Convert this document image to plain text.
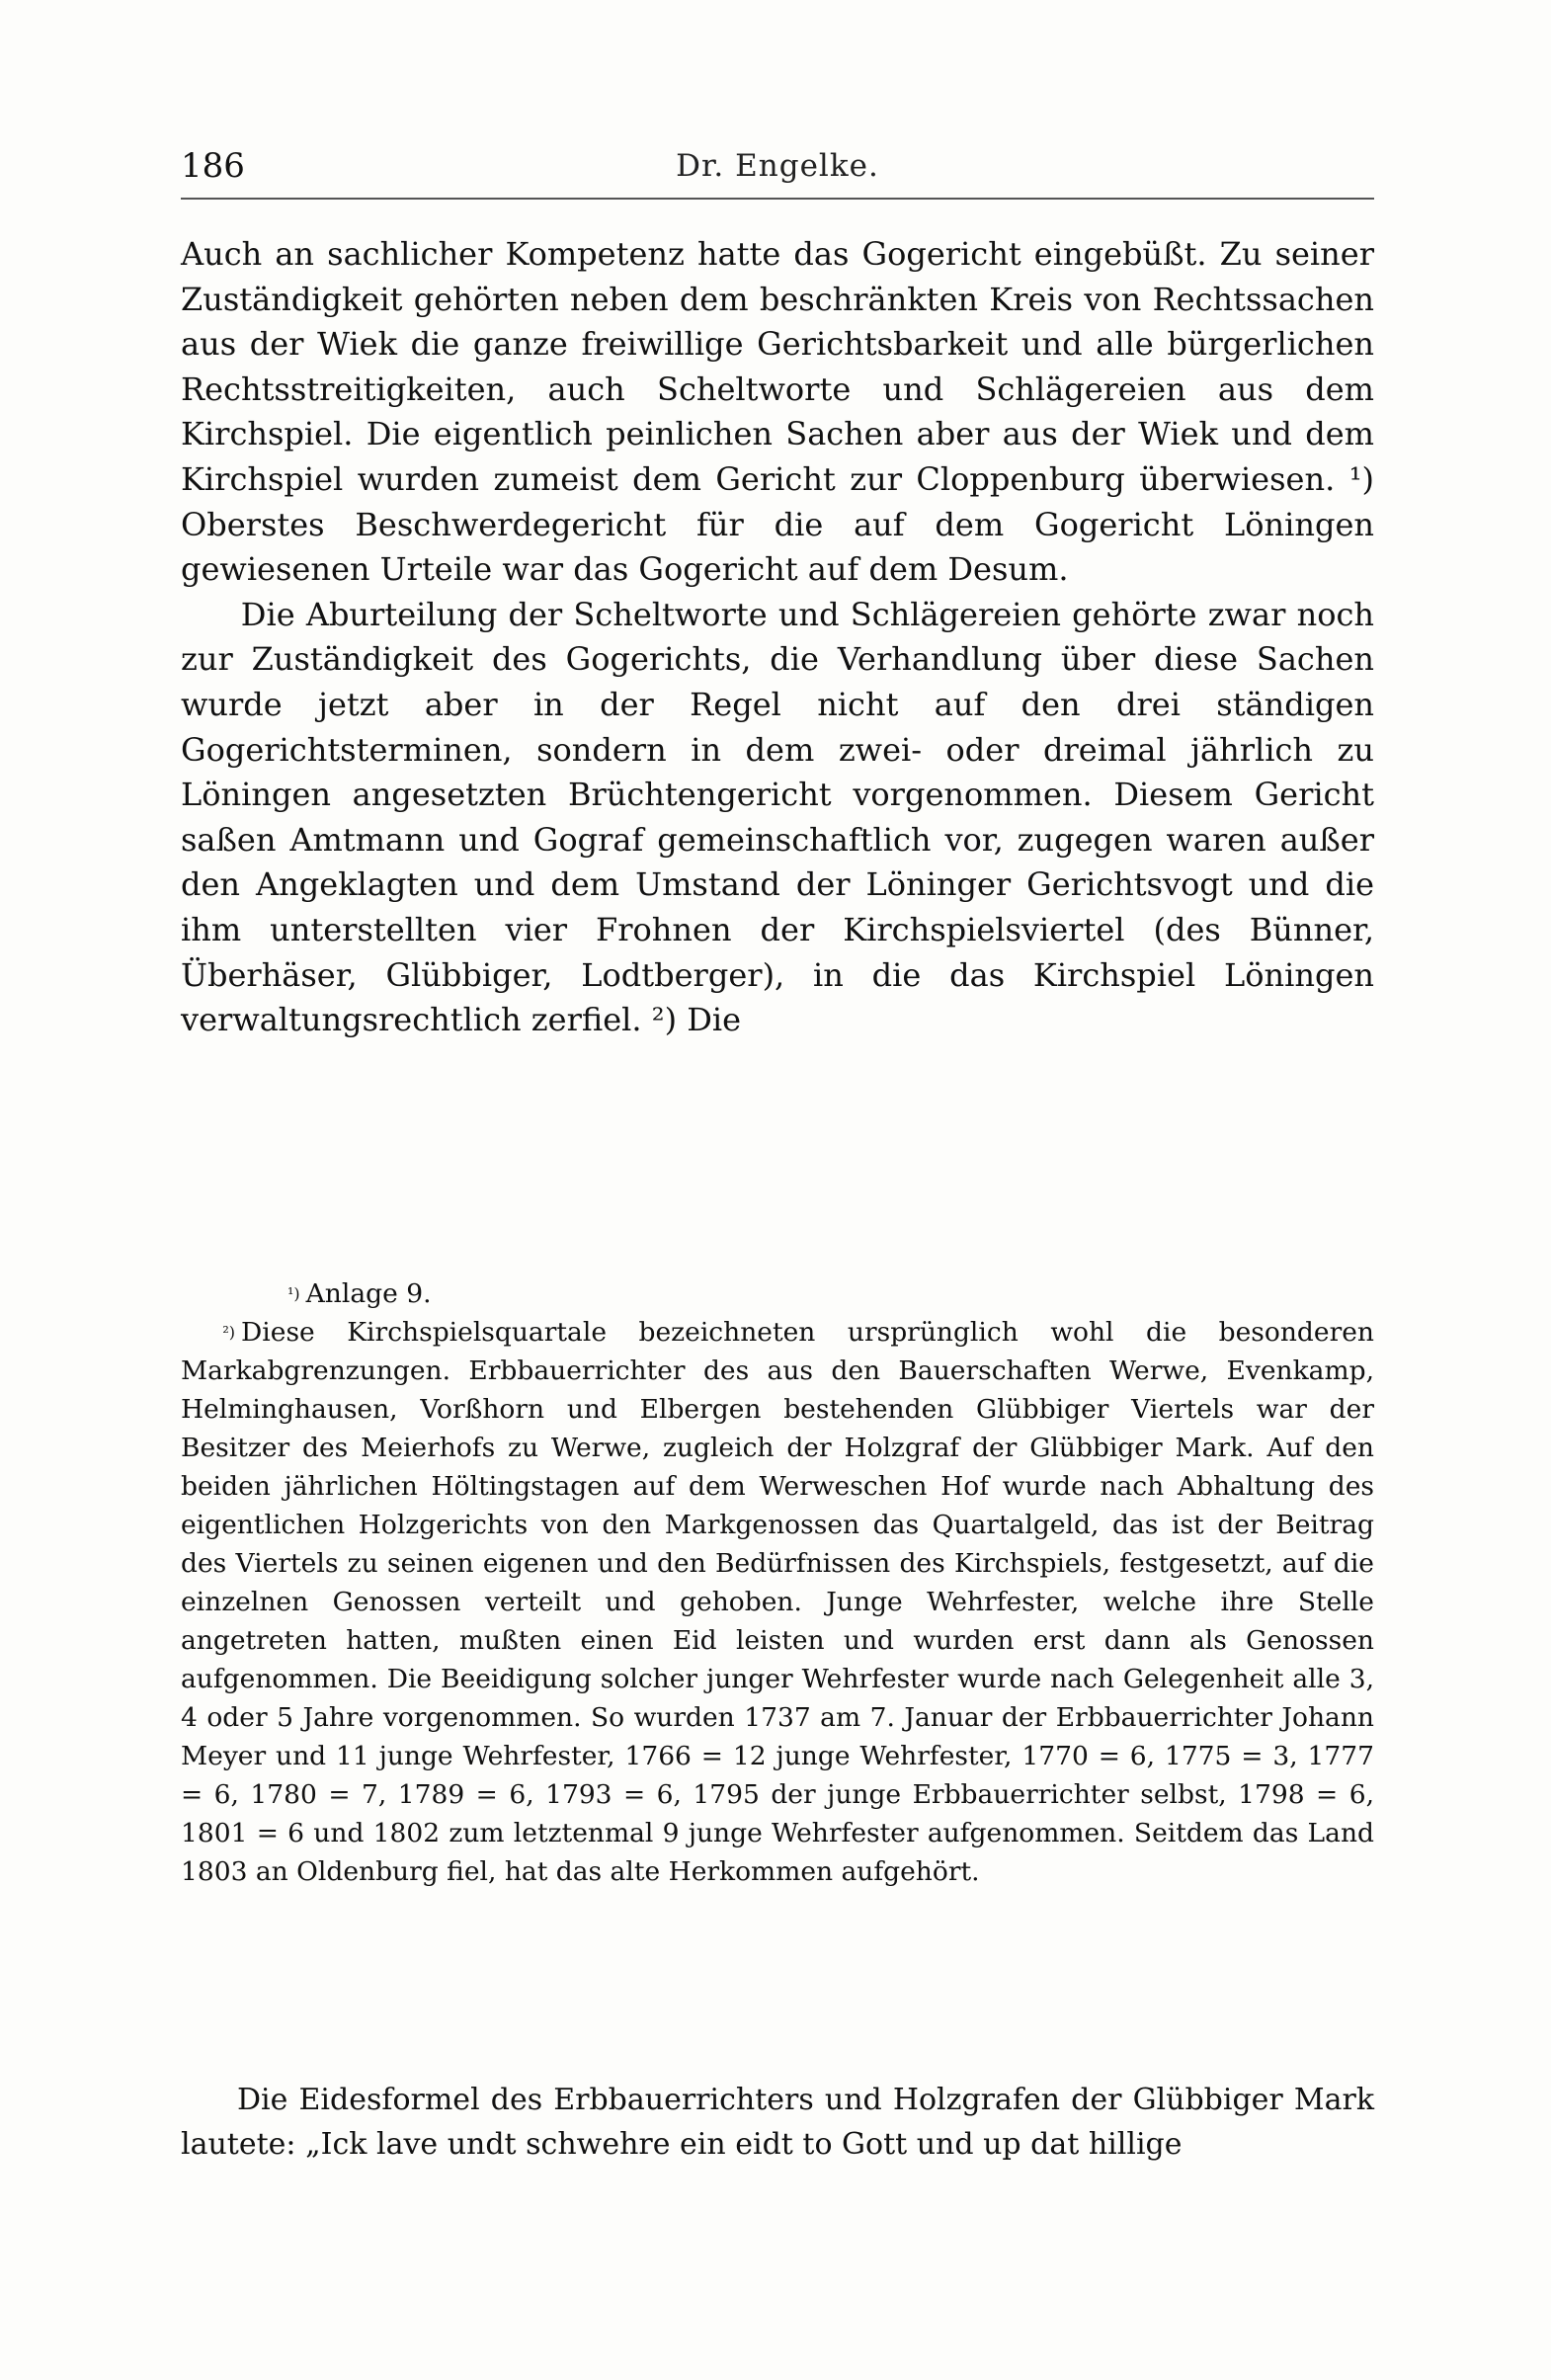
186	Dr. Engelke.

Auch an sachlicher Kompetenz hatte das Gogericht eingebüßt. Zu seiner Zuständigkeit gehörten neben dem beschränkten Kreis von Rechtssachen aus der Wiek die ganze freiwillige Gerichtsbarkeit und alle bürgerlichen Rechtsstreitigkeiten, auch Scheltworte und Schlägereien aus dem Kirchspiel. Die eigentlich peinlichen Sachen aber aus der Wiek und dem Kirchspiel wurden zumeist dem Gericht zur Cloppenburg überwiesen. ¹) Oberstes Beschwerdegericht für die auf dem Gogericht Löningen gewiesenen Urteile war das Gogericht auf dem Desum.

Die Aburteilung der Scheltworte und Schlägereien gehörte zwar noch zur Zuständigkeit des Gogerichts, die Verhandlung über diese Sachen wurde jetzt aber in der Regel nicht auf den drei ständigen Gogerichtsterminen, sondern in dem zwei- oder dreimal jährlich zu Löningen angesetzten Brüchtengericht vorgenommen. Diesem Gericht saßen Amtmann und Gograf gemeinschaftlich vor, zugegen waren außer den Angeklagten und dem Umstand der Löninger Gerichtsvogt und die ihm unterstellten vier Frohnen der Kirchspielsviertel (des Bünner, Überhäser, Glübbiger, Lodtberger), in die das Kirchspiel Löningen verwaltungsrechtlich zerfiel. ²) Die

$^{^1)}$ Anlage 9.

$^{^2)}$ Diese Kirchspielsquartale bezeichneten ursprünglich wohl die besonderen Markabgrenzungen. Erbbauerrichter des aus den Bauerschaften Werwe, Evenkamp, Helminghausen, Vorßhorn und Elbergen bestehenden Glübbiger Viertels war der Besitzer des Meierhofs zu Werwe, zugleich der Holzgraf der Glübbiger Mark. Auf den beiden jährlichen Höltingstagen auf dem Werweschen Hof wurde nach Abhaltung des eigentlichen Holzgerichts von den Markgenossen das Quartalgeld, das ist der Beitrag des Viertels zu seinen eigenen und den Bedürfnissen des Kirchspiels, festgesetzt, auf die einzelnen Genossen verteilt und gehoben. Junge Wehrfester, welche ihre Stelle angetreten hatten, mußten einen Eid leisten und wurden erst dann als Genossen aufgenommen. Die Beeidigung solcher junger Wehrfester wurde nach Gelegenheit alle 3, 4 oder 5 Jahre vorgenommen. So wurden 1737 am 7. Januar der Erbbauerrichter Johann Meyer und 11 junge Wehrfester, 1766 = 12 junge Wehrfester, 1770 = 6, 1775 = 3, 1777 = 6, 1780 = 7, 1789 = 6, 1793 = 6, 1795 der junge Erbbauerrichter selbst, 1798 = 6, 1801 = 6 und 1802 zum letztenmal 9 junge Wehrfester aufgenommen. Seitdem das Land 1803 an Oldenburg fiel, hat das alte Herkommen aufgehört.

Die Eidesformel des Erbbauerrichters und Holzgrafen der Glübbiger Mark lautete: „Ick lave undt schwehre ein eidt to Gott und up dat hillige
